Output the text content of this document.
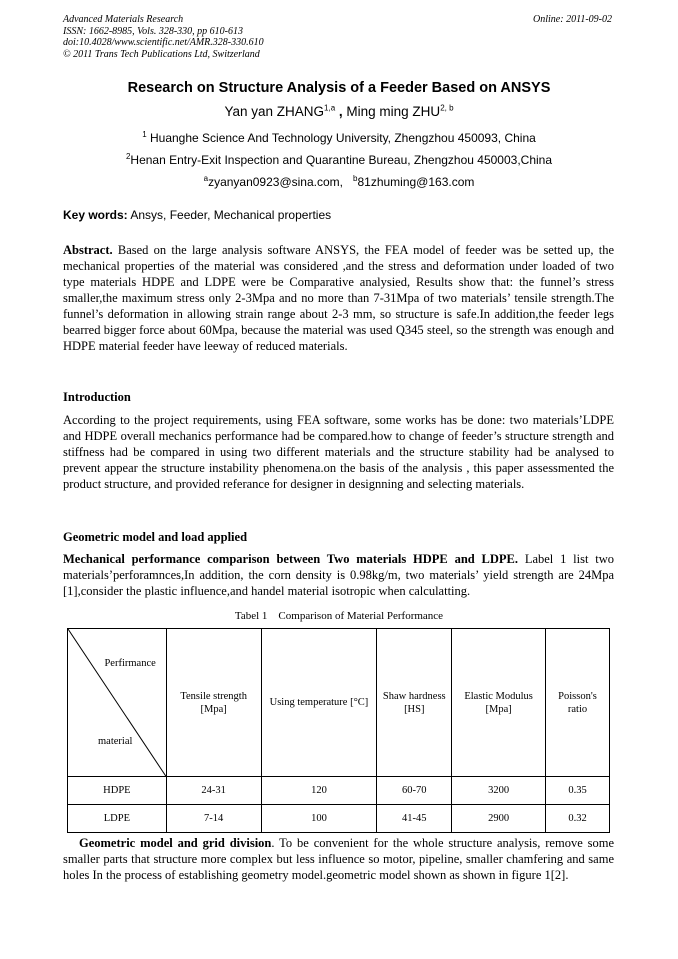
Advanced Materials Research
ISSN: 1662-8985, Vols. 328-330, pp 610-613
doi:10.4028/www.scientific.net/AMR.328-330.610
© 2011 Trans Tech Publications Ltd, Switzerland
Online: 2011-09-02
Research on Structure Analysis of a Feeder Based on ANSYS
Yan yan ZHANG$^{1,a}$ , Ming ming ZHU$^{2, b}$
$^1$ Huanghe Science And Technology University, Zhengzhou 450093, China
$^2$Henan Entry-Exit Inspection and Quarantine Bureau, Zhengzhou 450003,China
$^a$zyanyan0923@sina.com, $^b$81zhuming@163.com
Key words: Ansys, Feeder, Mechanical properties
Abstract. Based on the large analysis software ANSYS, the FEA model of feeder was be setted up, the mechanical properties of the material was considered ,and the stress and deformation under loaded of two type materials HDPE and LDPE were be Comparative analysied, Results show that: the funnel’s stress smaller,the maximum stress only 2-3Mpa and no more than 7-31Mpa of two materials’ tensile strength.The funnel’s deformation in allowing strain range about 2-3 mm, so structure is safe.In addition,the feeder legs bearred bigger force about 60Mpa, because the material was used Q345 steel, so the strength was enough and HDPE material feeder have leeway of reduced materials.
Introduction
According to the project requirements, using FEA software, some works has be done: two materials’LDPE and HDPE overall mechanics performance had be compared.how to change of feeder’s structure strength and stiffness had be compared in using two different materials and the structure stability had be analysed to prevent appear the structure instability phenomena.on the basis of the analysis , this paper assessmented the product structure, and provided referance for designer in designning and selecting materials.
Geometric model and load applied
Mechanical performance comparison between Two materials HDPE and LDPE. Label 1 list two materials’perforamnces,In addition, the corn density is 0.98kg/m, two materials’ yield strength are 24Mpa [1],consider the plastic influence,and handel material isotropic when calculatting.
Tabel 1    Comparison of Material Performance
Perfirmance
material	Tensile strength [Mpa]	Using temperature [°C]	Shaw hardness [HS]	Elastic Modulus [Mpa]	Poisson's ratio
HDPE	24-31	120	60-70	3200	0.35
LDPE	7-14	100	41-45	2900	0.32
Geometric model and grid division. To be convenient for the whole structure analysis, remove some smaller parts that structure more complex but less influence so motor, pipeline, smaller chamfering and same holes In the process of establishing geometry model.geometric model shown as shown in figure 1[2].
